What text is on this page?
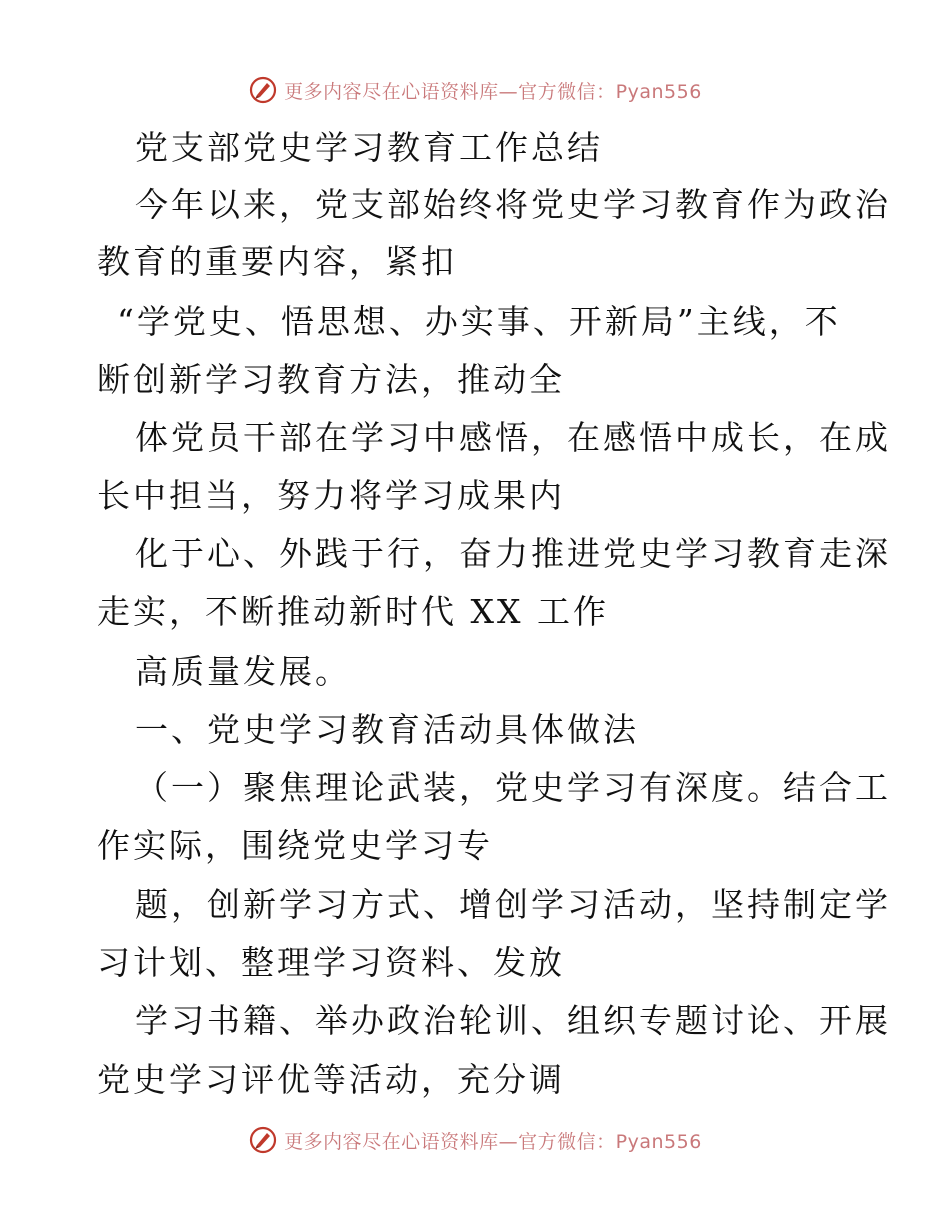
更多内容尽在心语资料库—官方微信：Pyan556
党支部党史学习教育工作总结
今年以来，党支部始终将党史学习教育作为政治
教育的重要内容，紧扣
“学党史、悟思想、办实事、开新局”主线，不
断创新学习教育方法，推动全
体党员干部在学习中感悟，在感悟中成长，在成
长中担当，努力将学习成果内
化于心、外践于行，奋力推进党史学习教育走深
走实，不断推动新时代 XX 工作
高质量发展。
一、党史学习教育活动具体做法
（一）聚焦理论武装，党史学习有深度。结合工
作实际，围绕党史学习专
题，创新学习方式、增创学习活动，坚持制定学
习计划、整理学习资料、发放
学习书籍、举办政治轮训、组织专题讨论、开展
党史学习评优等活动，充分调
更多内容尽在心语资料库—官方微信：Pyan556
